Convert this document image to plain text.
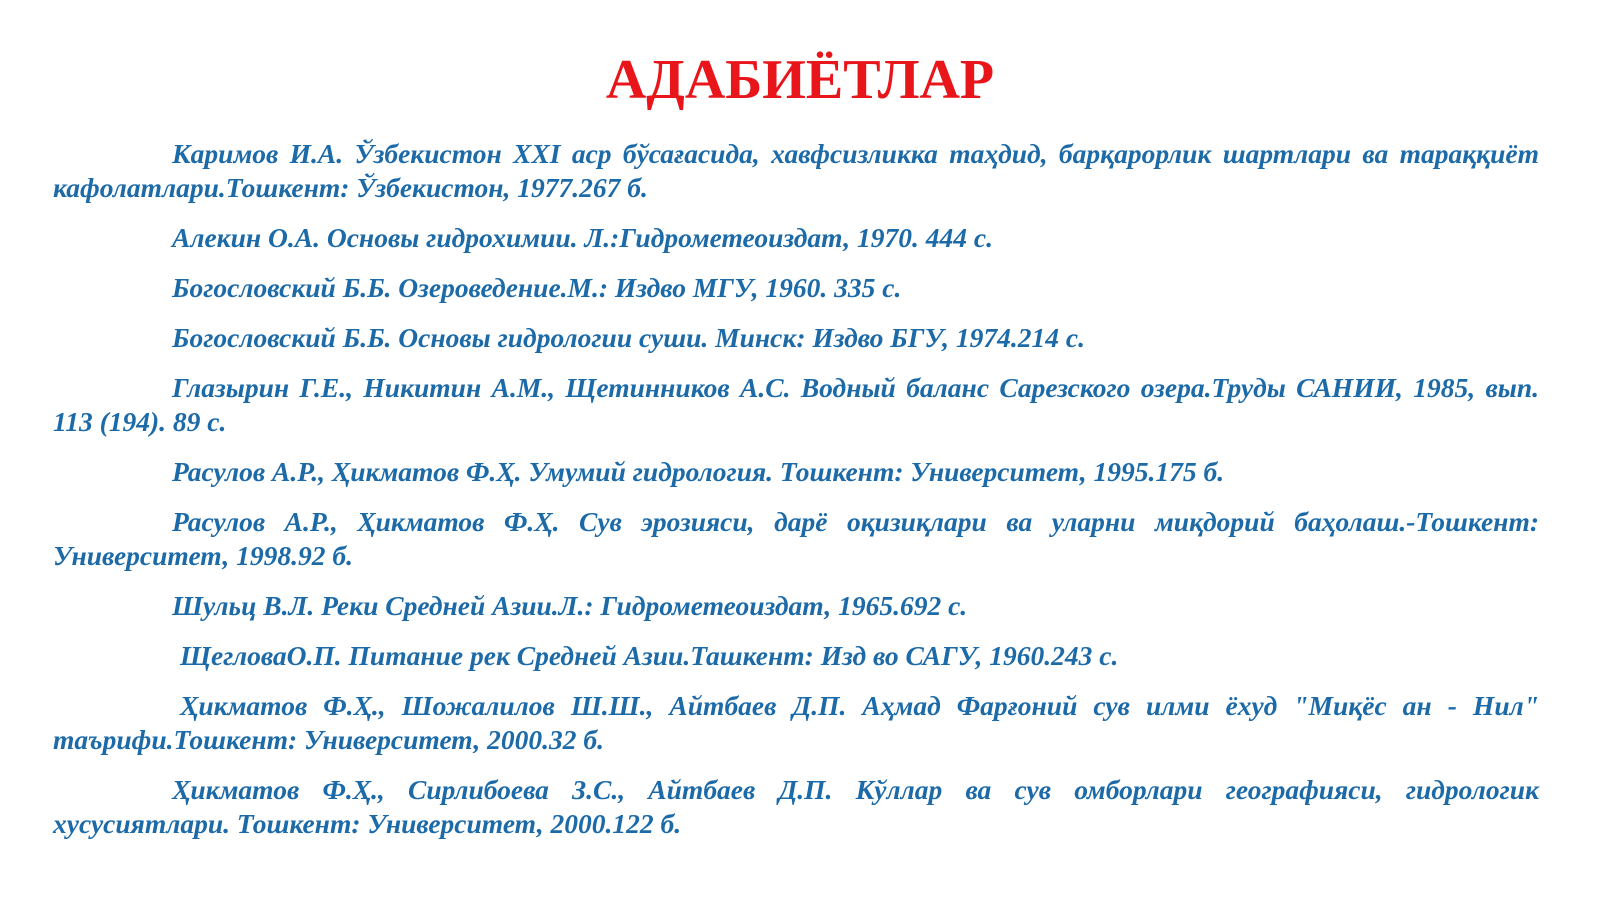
АДАБИЁТЛАР
Каримов И.А. Ўзбекистон XXI аср бўсағасида, хавфсизликка таҳдид, барқарорлик шартлари ва тараққиёт кафолатлари.Тошкент: Ўзбекистон, 1977.267 б.
Алекин О.А. Основы гидрохимии. Л.:Гидрометеоиздат, 1970. 444 с.
Богословский Б.Б. Озероведение.М.: Издво МГУ, 1960. 335 с.
Богословский Б.Б. Основы гидрологии суши. Минск: Издво БГУ, 1974.214 с.
Глазырин Г.Е., Никитин А.М., Щетинников А.С. Водный баланс Сарезского озера.Труды САНИИ, 1985, вып. 113 (194). 89 с.
Расулов А.Р., Ҳикматов Ф.Ҳ. Умумий гидрология. Тошкент: Университет, 1995.175 б.
Расулов А.Р., Ҳикматов Ф.Ҳ. Сув эрозияси, дарё оқизиқлари ва уларни миқдорий баҳолаш.-Тошкент: Университет, 1998.92 б.
Шульц В.Л. Реки Средней Азии.Л.: Гидрометеоиздат, 1965.692 с.
ЩегловаО.П. Питание рек Средней Азии.Ташкент: Изд во САГУ, 1960.243 с.
Ҳикматов Ф.Ҳ., Шожалилов Ш.Ш., Айтбаев Д.П. Аҳмад Фарғоний сув илми ёхуд "Миқёс ан - Нил" таърифи.Тошкент: Университет, 2000.32 б.
Ҳикматов Ф.Ҳ., Сирлибоева З.С., Айтбаев Д.П. Кўллар ва сув омборлари географияси, гидрологик хусусиятлари. Тошкент: Университет, 2000.122 б.
